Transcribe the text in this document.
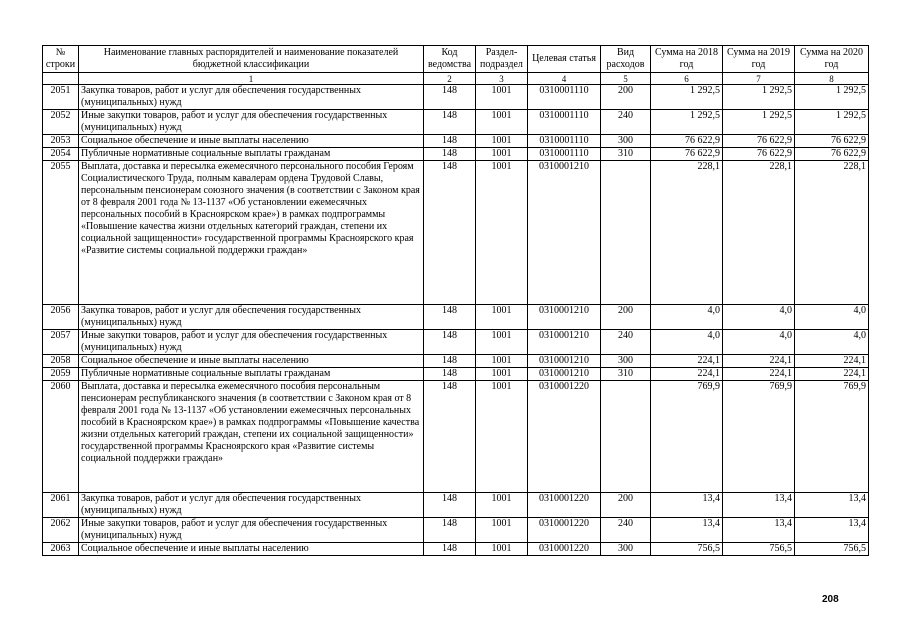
№ строки	Наименование главных распорядителей и наименование показателей бюджетной классификации	Код ведомства	Раздел-подраздел	Целевая статья	Вид расходов	Сумма на 2018 год	Сумма на 2019 год	Сумма на 2020 год
	1	2	3	4	5	6	7	8
2051	Закупка товаров, работ и услуг для обеспечения государственных (муниципальных) нужд	148	1001	0310001110	200	1 292,5	1 292,5	1 292,5
2052	Иные закупки товаров, работ и услуг для обеспечения государственных (муниципальных) нужд	148	1001	0310001110	240	1 292,5	1 292,5	1 292,5
2053	Социальное обеспечение и иные выплаты населению	148	1001	0310001110	300	76 622,9	76 622,9	76 622,9
2054	Публичные нормативные социальные выплаты гражданам	148	1001	0310001110	310	76 622,9	76 622,9	76 622,9
2055	Выплата, доставка и пересылка ежемесячного персонального пособия Героям Социалистического Труда, полным кавалерам ордена Трудовой Славы, персональным пенсионерам союзного значения (в соответствии с Законом края от 8 февраля 2001 года № 13-1137 «Об установлении ежемесячных персональных пособий в Красноярском крае») в рамках подпрограммы «Повышение качества жизни отдельных категорий граждан, степени их социальной защищенности» государственной программы Красноярского края «Развитие системы социальной поддержки граждан»	148	1001	0310001210		228,1	228,1	228,1
2056	Закупка товаров, работ и услуг для обеспечения государственных (муниципальных) нужд	148	1001	0310001210	200	4,0	4,0	4,0
2057	Иные закупки товаров, работ и услуг для обеспечения государственных (муниципальных) нужд	148	1001	0310001210	240	4,0	4,0	4,0
2058	Социальное обеспечение и иные выплаты населению	148	1001	0310001210	300	224,1	224,1	224,1
2059	Публичные нормативные социальные выплаты гражданам	148	1001	0310001210	310	224,1	224,1	224,1
2060	Выплата, доставка и пересылка ежемесячного пособия персональным пенсионерам республиканского значения (в соответствии с Законом края от 8 февраля 2001 года № 13-1137 «Об установлении ежемесячных персональных пособий в Красноярском крае») в рамках подпрограммы «Повышение качества жизни отдельных категорий граждан, степени их социальной защищенности» государственной программы Красноярского края «Развитие системы социальной поддержки граждан»	148	1001	0310001220		769,9	769,9	769,9
2061	Закупка товаров, работ и услуг для обеспечения государственных (муниципальных) нужд	148	1001	0310001220	200	13,4	13,4	13,4
2062	Иные закупки товаров, работ и услуг для обеспечения государственных (муниципальных) нужд	148	1001	0310001220	240	13,4	13,4	13,4
2063	Социальное обеспечение и иные выплаты населению	148	1001	0310001220	300	756,5	756,5	756,5
208
